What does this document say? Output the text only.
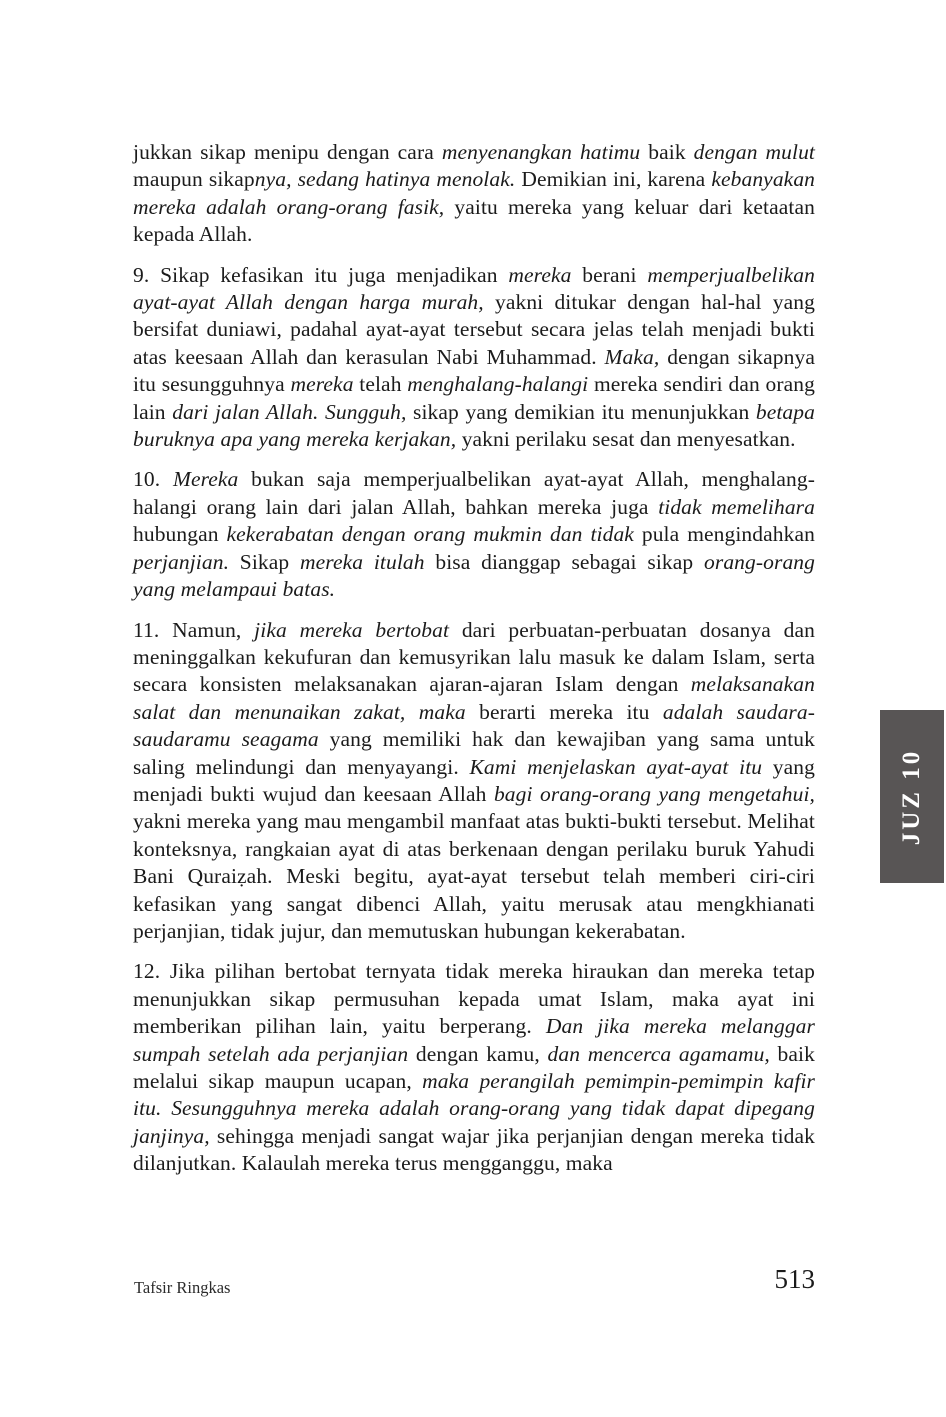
jukkan sikap menipu dengan cara menyenangkan hatimu baik dengan mulut maupun sikapnya, sedang hatinya menolak. Demikian ini, karena kebanyakan mereka adalah orang-orang fasik, yaitu mereka yang keluar dari ketaatan kepada Allah.

9. Sikap kefasikan itu juga menjadikan mereka berani memperjualbelikan ayat-ayat Allah dengan harga murah, yakni ditukar dengan hal-hal yang bersifat duniawi, padahal ayat-ayat tersebut secara jelas telah menjadi bukti atas keesaan Allah dan kerasulan Nabi Muhammad. Maka, dengan sikapnya itu sesungguhnya mereka telah menghalang-halangi mereka sendiri dan orang lain dari jalan Allah. Sungguh, sikap yang demikian itu menunjukkan betapa buruknya apa yang mereka kerjakan, yakni perilaku sesat dan menyesatkan.

10. Mereka bukan saja memperjualbelikan ayat-ayat Allah, menghalang-halangi orang lain dari jalan Allah, bahkan mereka juga tidak memelihara hubungan kekerabatan dengan orang mukmin dan tidak pula mengindahkan perjanjian. Sikap mereka itulah bisa dianggap sebagai sikap orang-orang yang melampaui batas.

11. Namun, jika mereka bertobat dari perbuatan-perbuatan dosanya dan meninggalkan kekufuran dan kemusyrikan lalu masuk ke dalam Islam, serta secara konsisten melaksanakan ajaran-ajaran Islam dengan melaksanakan salat dan menunaikan zakat, maka berarti mereka itu adalah saudara-saudaramu seagama yang memiliki hak dan kewajiban yang sama untuk saling melindungi dan menyayangi. Kami menjelaskan ayat-ayat itu yang menjadi bukti wujud dan keesaan Allah bagi orang-orang yang mengetahui, yakni mereka yang mau mengambil manfaat atas bukti-bukti tersebut. Melihat konteksnya, rangkaian ayat di atas berkenaan dengan perilaku buruk Yahudi Bani Quraiẓah. Meski begitu, ayat-ayat tersebut telah memberi ciri-ciri kefasikan yang sangat dibenci Allah, yaitu merusak atau mengkhianati perjanjian, tidak jujur, dan memutuskan hubungan kekerabatan.

12. Jika pilihan bertobat ternyata tidak mereka hiraukan dan mereka tetap menunjukkan sikap permusuhan kepada umat Islam, maka ayat ini memberikan pilihan lain, yaitu berperang. Dan jika mereka melanggar sumpah setelah ada perjanjian dengan kamu, dan mencerca agamamu, baik melalui sikap maupun ucapan, maka perangilah pemimpin-pemimpin kafir itu. Sesungguhnya mereka adalah orang-orang yang tidak dapat dipegang janjinya, sehingga menjadi sangat wajar jika perjanjian dengan mereka tidak dilanjutkan. Kalaulah mereka terus mengganggu, maka

JUZ 10
Tafsir Ringkas	513
